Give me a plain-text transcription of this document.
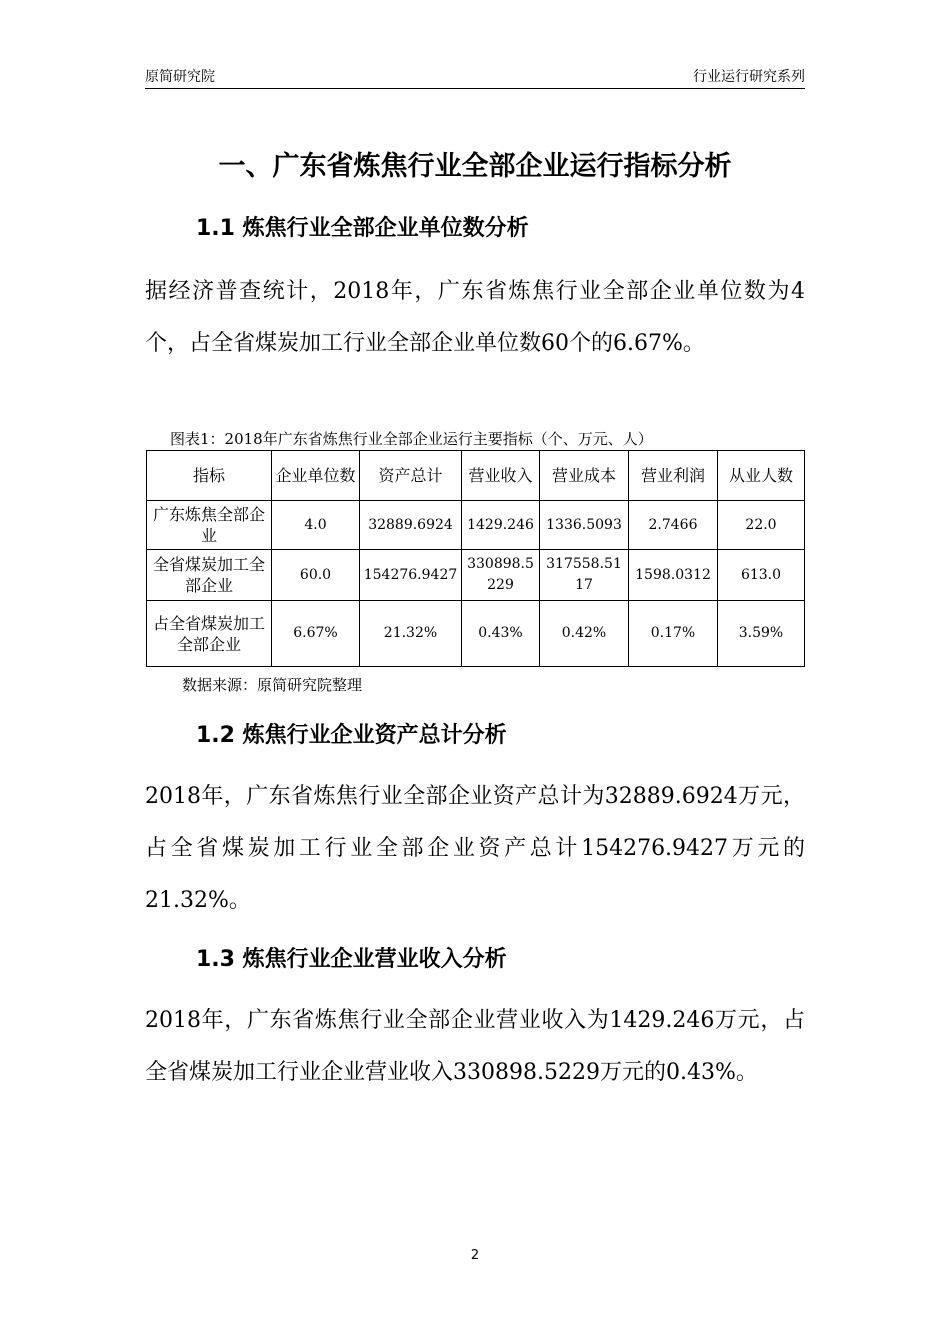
原简研究院	行业运行研究系列
一、广东省炼焦行业全部企业运行指标分析
1.1 炼焦行业全部企业单位数分析

据经济普查统计，2018年，广东省炼焦行业全部企业单位数为4个，占全省煤炭加工行业全部企业单位数60个的6.67%。

图表1：2018年广东省炼焦行业全部企业运行主要指标（个、万元、人）
指标	企业单位数	资产总计	营业收入	营业成本	营业利润	从业人数
广东炼焦全部企业	4.0	32889.6924	1429.246	1336.5093	2.7466	22.0
全省煤炭加工全部企业	60.0	154276.9427	330898.5229	317558.5117	1598.0312	613.0
占全省煤炭加工全部企业	6.67%	21.32%	0.43%	0.42%	0.17%	3.59%
数据来源：原简研究院整理
1.2 炼焦行业企业资产总计分析

2018年，广东省炼焦行业全部企业资产总计为32889.6924万元，占全省煤炭加工行业全部企业资产总计154276.9427万元的21.32%。

1.3 炼焦行业企业营业收入分析

2018年，广东省炼焦行业全部企业营业收入为1429.246万元，占全省煤炭加工行业企业营业收入330898.5229万元的0.43%。

2
